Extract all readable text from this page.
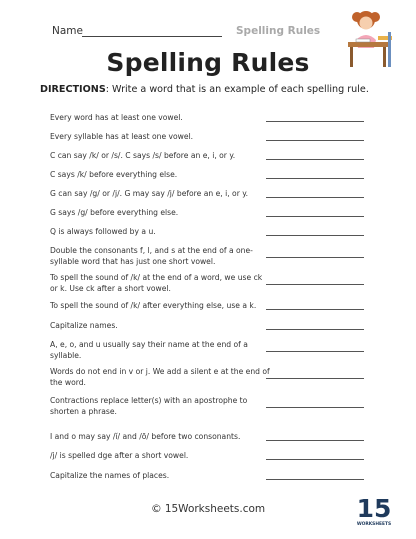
Name	Spelling Rules
Spelling Rules
DIRECTIONS: Write a word that is an example of each spelling rule.
Every word has at least one vowel.
Every syllable has at least one vowel.
C can say /k/ or /s/. C says /s/ before an e, i, or y.
C says /k/ before everything else.
G can say /g/ or /j/. G may say /j/ before an e, i, or y.
G says /g/ before everything else.
Q is always followed by a u.
Double the consonants f, l, and s at the end of a one-syllable word that has just one short vowel.
To spell the sound of /k/ at the end of a word, we use ck or k. Use ck after a short vowel.
To spell the sound of /k/ after everything else, use a k.
Capitalize names.
A, e, o, and u usually say their name at the end of a syllable.
Words do not end in v or j. We add a silent e at the end of the word.
Contractions replace letter(s) with an apostrophe to shorten a phrase.
I and o may say /ĭ/ and /ō/ before two consonants.
/j/ is spelled dge after a short vowel.
Capitalize the names of places.
© 15Worksheets.com	15
WORKSHEETS
